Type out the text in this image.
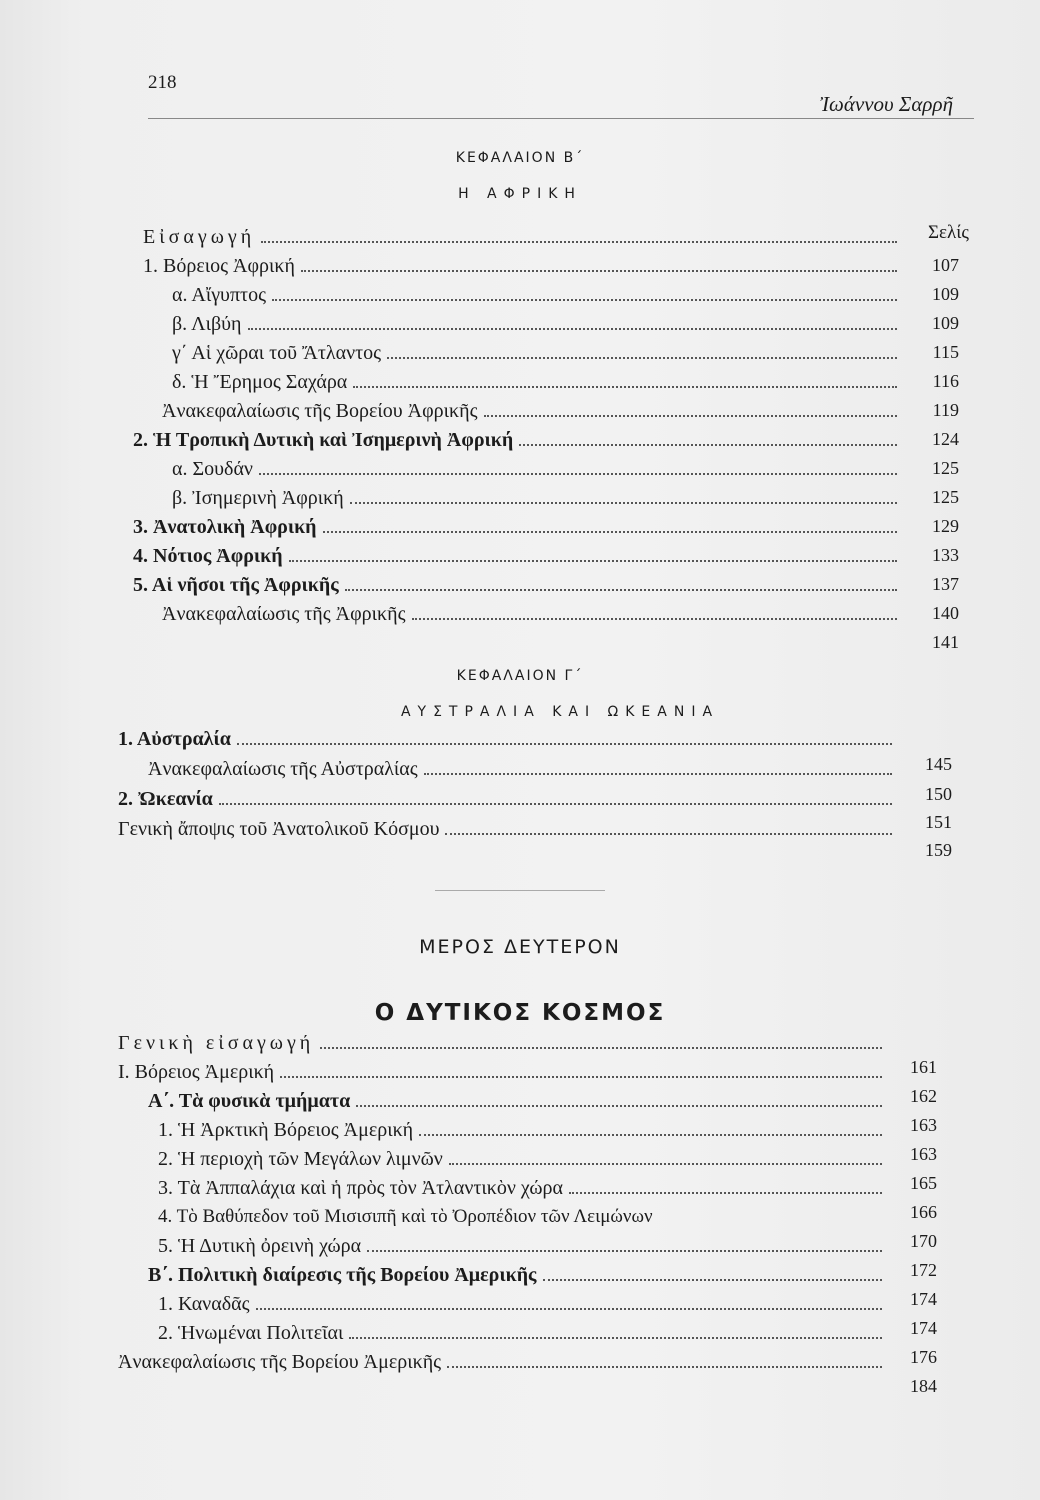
218
Ἰωάννου Σαρρῆ
ΚΕΦΑΛΑΙΟΝ Β΄
Η ΑΦΡΙΚΗ
Σελίς
Εἰσαγωγή
1. Βόρειος Ἀφρική
α. Αἴγυπτος
β. Λιβύη
γ΄ Αἱ χῶραι τοῦ Ἄτλαντος
δ. Ἡ Ἔρημος Σαχάρα
Ἀνακεφαλαίωσις τῆς Βορείου Ἀφρικῆς
2. Ἡ Τροπικὴ Δυτικὴ καὶ Ἰσημερινὴ Ἀφρική
α. Σουδάν
β. Ἰσημερινὴ Ἀφρική
3. Ἀνατολικὴ Ἀφρική
4. Νότιος Ἀφρική
5. Αἱ νῆσοι τῆς Ἀφρικῆς
Ἀνακεφαλαίωσις τῆς Ἀφρικῆς
107
109
109
115
116
119
124
125
125
129
133
137
140
141
ΚΕΦΑΛΑΙΟΝ Γ΄
ΑΥΣΤΡΑΛΙΑ ΚΑΙ ΩΚΕΑΝΙΑ
1. Αὐστραλία
Ἀνακεφαλαίωσις τῆς Αὐστραλίας
2. Ὠκεανία
Γενικὴ ἄποψις τοῦ Ἀνατολικοῦ Κόσμου
145
150
151
159
ΜΕΡΟΣ ΔΕΥΤΕΡΟΝ
Ο ΔΥΤΙΚΟΣ ΚΟΣΜΟΣ
Γενικὴ εἰσαγωγή
Ι. Βόρειος Ἀμερική
Α΄. Τὰ φυσικὰ τμήματα
1. Ἡ Ἀρκτικὴ Βόρειος Ἀμερική
2. Ἡ περιοχὴ τῶν Μεγάλων λιμνῶν
3. Τὰ Ἀππαλάχια καὶ ἡ πρὸς τὸν Ἀτλαντικὸν χώρα
4. Τὸ Βαθύπεδον τοῦ Μισισιπῆ καὶ τὸ Ὀροπέδιον τῶν Λειμώνων
5. Ἡ Δυτικὴ ὀρεινὴ χώρα
Β΄. Πολιτικὴ διαίρεσις τῆς Βορείου Ἀμερικῆς
1. Καναδᾶς
2. Ἡνωμέναι Πολιτεῖαι
Ἀνακεφαλαίωσις τῆς Βορείου Ἀμερικῆς
161
162
163
163
165
166
170
172
174
174
176
184
